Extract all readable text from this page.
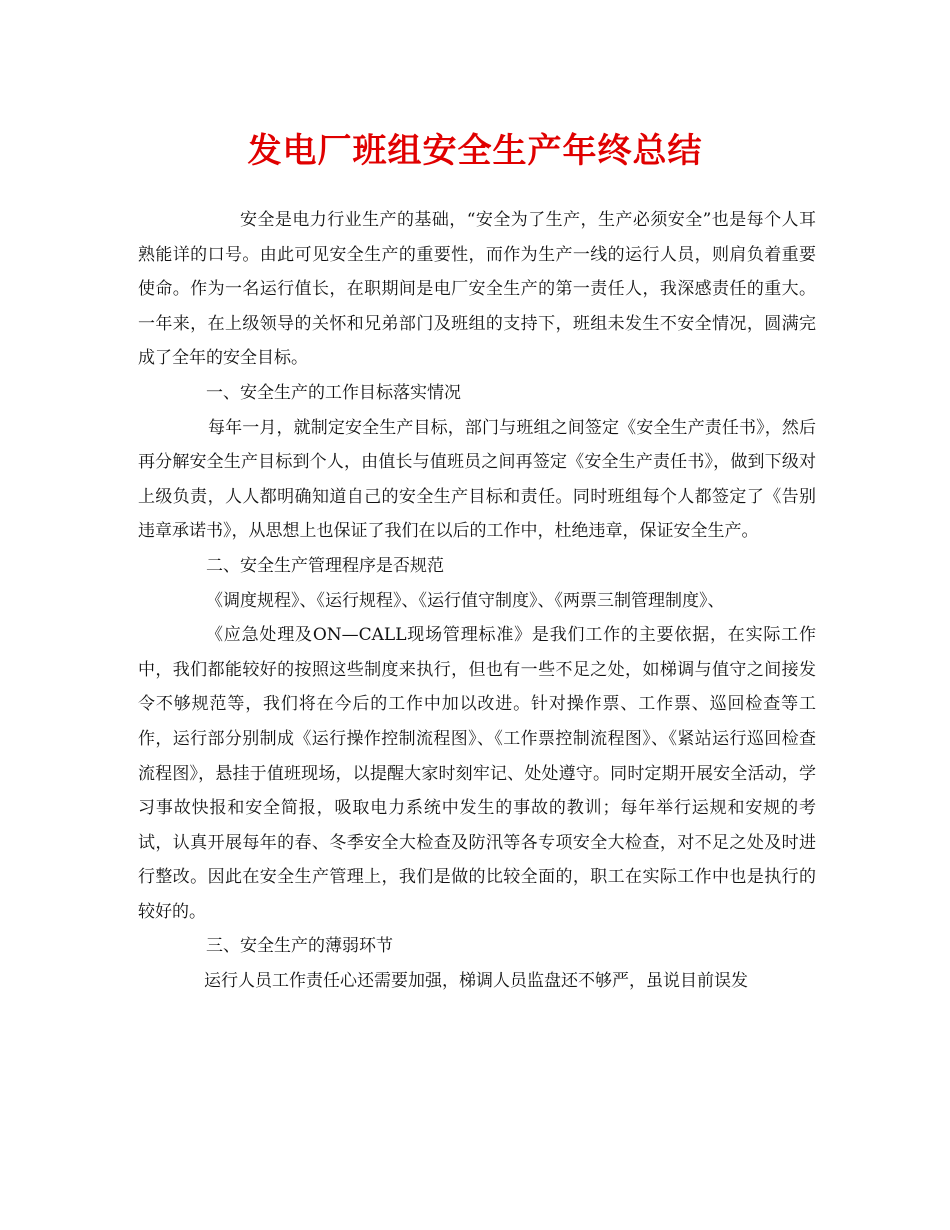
发电厂班组安全生产年终总结

安全是电力行业生产的基础，“安全为了生产，生产必须安全”也是每个人耳熟能详的口号。由此可见安全生产的重要性，而作为生产一线的运行人员，则肩负着重要使命。作为一名运行值长，在职期间是电厂安全生产的第一责任人，我深感责任的重大。一年来，在上级领导的关怀和兄弟部门及班组的支持下，班组未发生不安全情况，圆满完成了全年的安全目标。

一、安全生产的工作目标落实情况

每年一月，就制定安全生产目标，部门与班组之间签定《安全生产责任书》，然后再分解安全生产目标到个人，由值长与值班员之间再签定《安全生产责任书》，做到下级对上级负责，人人都明确知道自己的安全生产目标和责任。同时班组每个人都签定了《告别违章承诺书》，从思想上也保证了我们在以后的工作中，杜绝违章，保证安全生产。

二、安全生产管理程序是否规范

《调度规程》、《运行规程》、《运行值守制度》、《两票三制管理制度》、

《应急处理及ON—CALL现场管理标准》是我们工作的主要依据，在实际工作中，我们都能较好的按照这些制度来执行，但也有一些不足之处，如梯调与值守之间接发令不够规范等，我们将在今后的工作中加以改进。针对操作票、工作票、巡回检查等工作，运行部分别制成《运行操作控制流程图》、《工作票控制流程图》、《紧站运行巡回检查流程图》，悬挂于值班现场，以提醒大家时刻牢记、处处遵守。同时定期开展安全活动，学习事故快报和安全简报，吸取电力系统中发生的事故的教训；每年举行运规和安规的考试，认真开展每年的春、冬季安全大检查及防汛等各专项安全大检查，对不足之处及时进行整改。因此在安全生产管理上，我们是做的比较全面的，职工在实际工作中也是执行的较好的。

三、安全生产的薄弱环节

运行人员工作责任心还需要加强，梯调人员监盘还不够严，虽说目前误发
